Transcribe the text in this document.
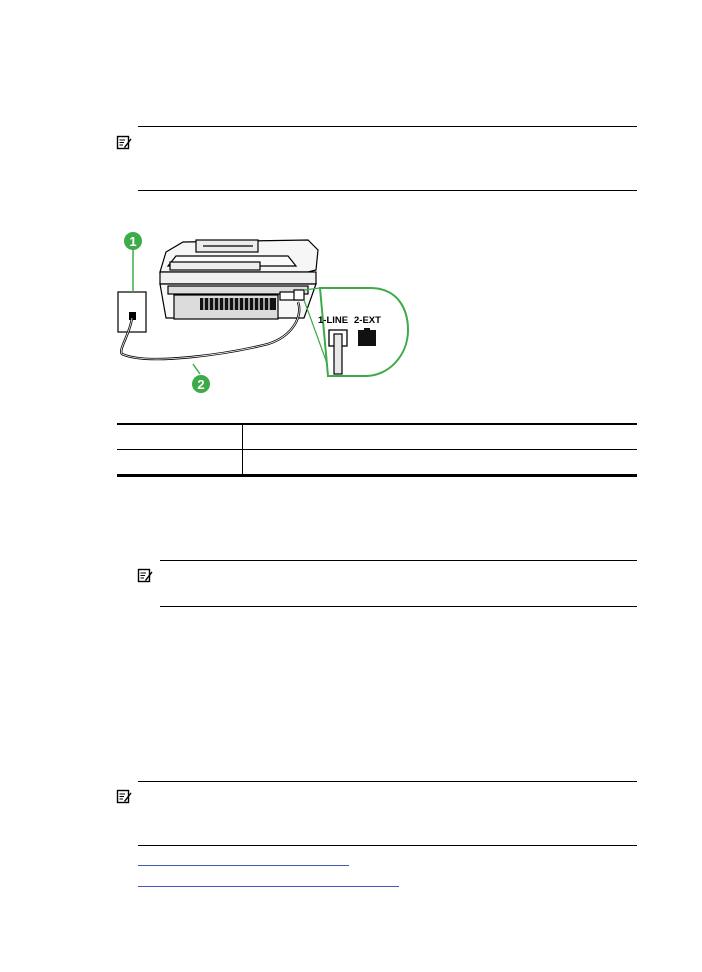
1
2
1-LINE 2-EXT
